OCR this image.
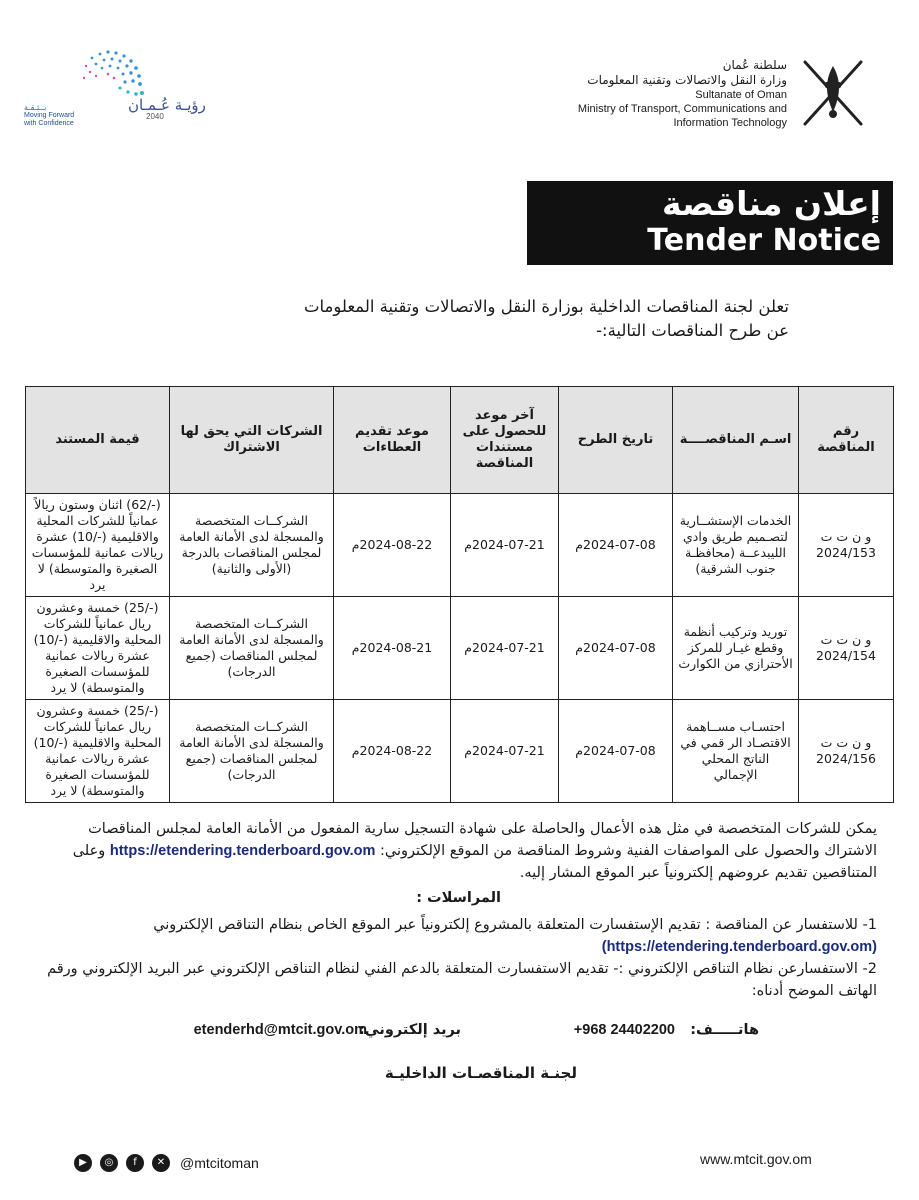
بــثـقـة
Moving Forward
with Confidence
رؤيـة عُـمـان
2040
سلطنة عُمان
وزارة النقل والاتصالات وتقنية المعلومات
Sultanate of Oman
Ministry of Transport, Communications and
Information Technology
إعلان مناقصة
Tender Notice
تعلن لجنة المناقصات الداخلية بوزارة النقل والاتصالات وتقنية المعلومات
عن طرح المناقصات التالية:-
رقم المناقصة	اسـم المناقصــــة	تاريخ الطرح	آخر موعد للحصول على مستندات المناقصة	موعد تقديم العطاءات	الشركات التي يحق لها الاشتراك	قيمة المستند

و ن ت ت
2024/153	الخدمات الإستشــارية لتصـميم طريق وادي الليبدعــة (محافظـة جنوب الشرقية)	2024-07-08م	2024-07-21م	2024-08-22م	الشركــات المتخصصة والمسجلة لدى الأمانة العامة لمجلس المناقصات بالدرجة (الأولى والثانية)	(-/62) اثنان وستون ريالاً عمانياً للشركات المحلية والاقليمية (-/10) عشرة ريالات عمانية للمؤسسات الصغيرة والمتوسطة) لا يرد

و ن ت ت
2024/154	توريد وتركيب أنظمة وقطع غيـار للمركز الأحترازي من الكوارث	2024-07-08م	2024-07-21م	2024-08-21م	الشركــات المتخصصة والمسجلة لدى الأمانة العامة لمجلس المناقصات (جميع الدرجات)	(-/25) خمسة وعشرون ريال عمانياً للشركات المحلية والاقليمية (-/10) عشرة ريالات عمانية للمؤسسات الصغيرة والمتوسطة) لا يرد

و ن ت ت
2024/156	احتسـاب مســاهمة الاقتصـاد الر قمي في الناتج المحلي الإجمالي	2024-07-08م	2024-07-21م	2024-08-22م	الشركــات المتخصصة والمسجلة لدى الأمانة العامة لمجلس المناقصات (جميع الدرجات)	(-/25) خمسة وعشرون ريال عمانياً للشركات المحلية والاقليمية (-/10) عشرة ريالات عمانية للمؤسسات الصغيرة والمتوسطة) لا يرد
يمكن للشركات المتخصصة في مثل هذه الأعمال والحاصلة على شهادة التسجيل سارية المفعول من الأمانة العامة لمجلس المناقصات الاشتراك والحصول على المواصفات الفنية وشروط المناقصة من الموقع الإلكتروني: https://etendering.tenderboard.gov.om وعلى المتناقصين تقديم عروضهم إلكترونياً عبر الموقع المشار إليه.
المراسلات :
1- للاستفسار عن المناقصة : تقديم الإستفسارت المتعلقة بالمشروع إلكترونياً عبر الموقع الخاص بنظام التناقص الإلكتروني (https://etendering.tenderboard.gov.om)
2- الاستفسارعن نظام التناقص الإلكتروني :- تقديم الاستفسارت المتعلقة بالدعم الفني لنظام التناقص الإلكتروني عبر البريد الإلكتروني ورقم الهاتف الموضح أدناه:
هاتـــــف:
+968 24402200
بريد إلكتروني:
etenderhd@mtcit.gov.om
لجنـة المناقصـات الداخليـة
▶	◎	f	✕	@mtcitoman	www.mtcit.gov.om
